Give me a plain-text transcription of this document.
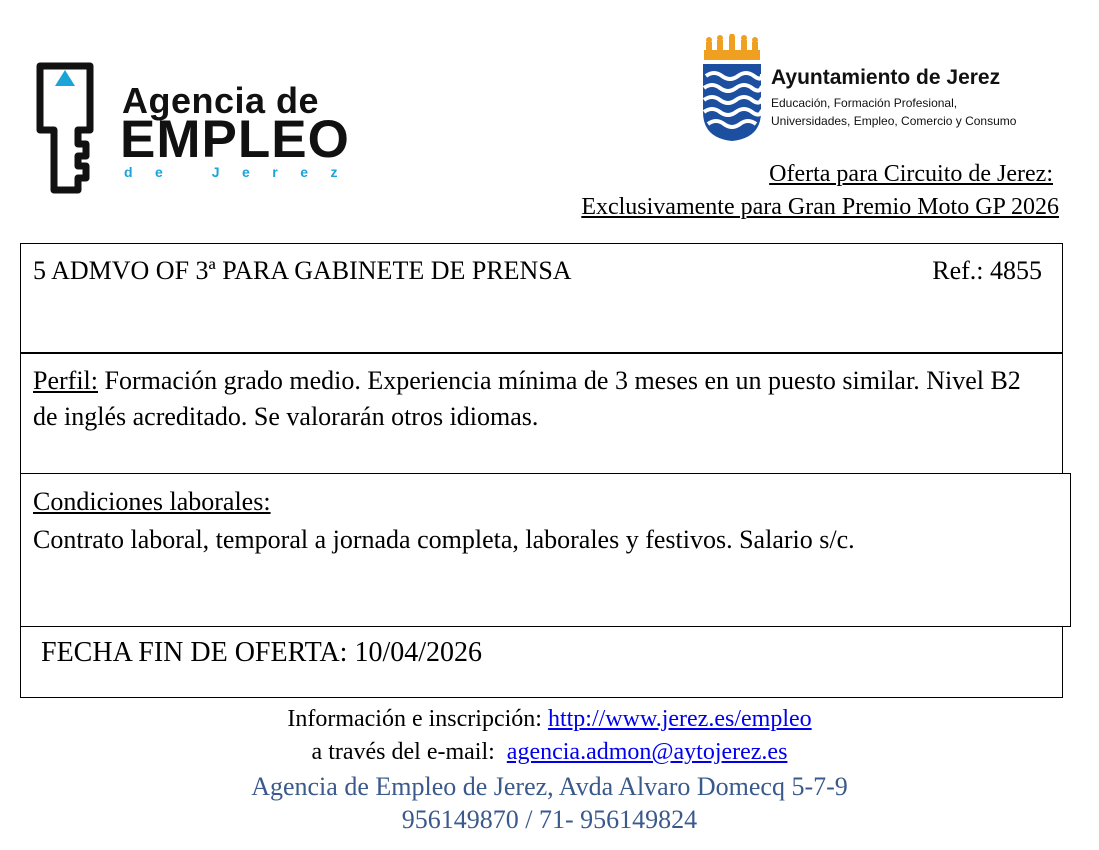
Agencia de
EMPLEO
de Jerez
Ayuntamiento de Jerez
Educación, Formación Profesional,
Universidades, Empleo, Comercio y Consumo
Oferta para Circuito de Jerez:
Exclusivamente para Gran Premio Moto GP 2026
5 ADMVO OF 3ª PARA GABINETE DE PRENSA	Ref.: 4855
Perfil: Formación grado medio. Experiencia mínima de 3 meses en un puesto similar. Nivel B2 de inglés acreditado. Se valorarán otros idiomas.
Condiciones laborales:
Contrato laboral, temporal a jornada completa, laborales y festivos. Salario s/c.
FECHA FIN DE OFERTA: 10/04/2026
Información e inscripción: http://www.jerez.es/empleo
a través del e-mail: agencia.admon@aytojerez.es
Agencia de Empleo de Jerez, Avda Alvaro Domecq 5-7-9
956149870 / 71- 956149824
